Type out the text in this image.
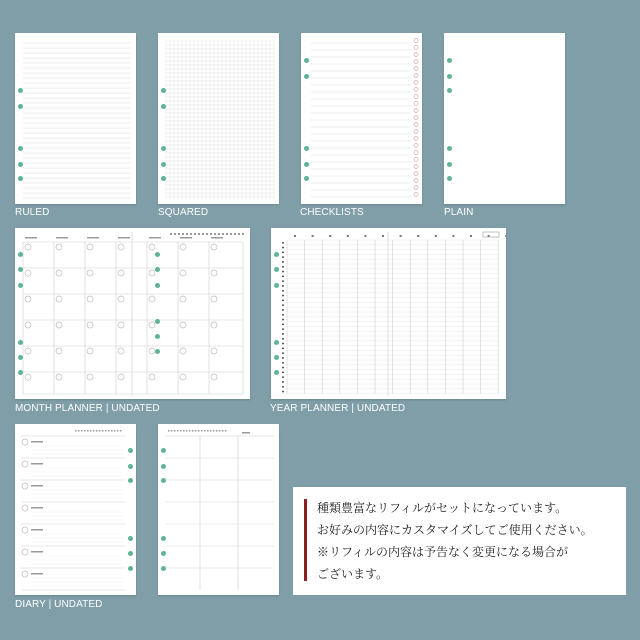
RULED	SQUARED	CHECKLISTS	PLAIN
MONTH PLANNER | UNDATED	YEAR PLANNER | UNDATED
DIARY | UNDATED
種類豊富なリフィルがセットになっています。
お好みの内容にカスタマイズしてご使用ください。
※リフィルの内容は予告なく変更になる場合が
ございます。
